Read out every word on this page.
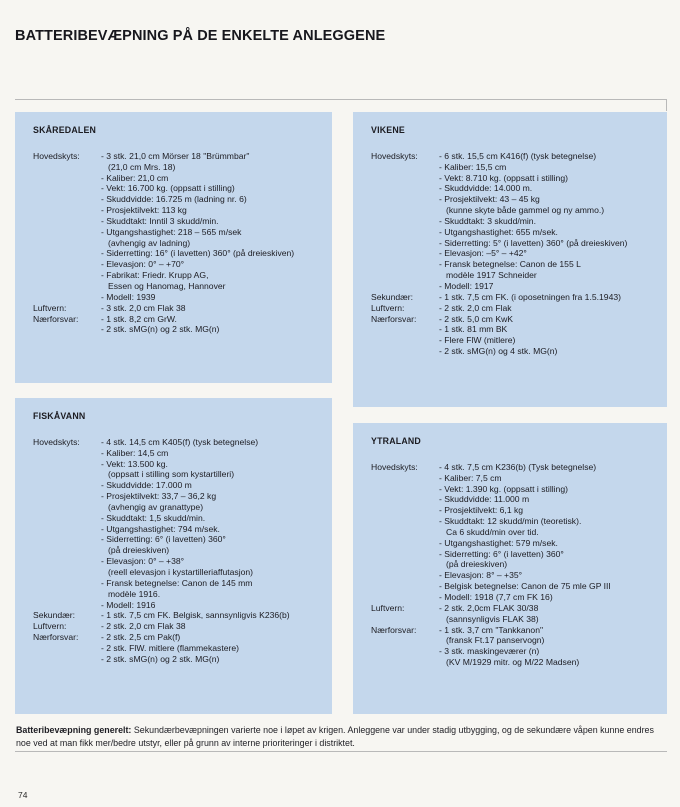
BATTERIBEVÆPNING PÅ DE ENKELTE ANLEGGENE
SKÅREDALEN
Hovedskyts:	- 3 stk. 21,0 cm Mörser 18 "Brümmbar"
(21,0 cm Mrs. 18)
- Kaliber: 21,0 cm
- Vekt: 16.700 kg. (oppsatt i stilling)
- Skuddvidde: 16.725 m (ladning nr. 6)
- Prosjektilvekt: 113 kg
- Skuddtakt: Inntil 3 skudd/min.
- Utgangshastighet: 218 – 565 m/sek
(avhengig av ladning)
- Siderretting: 16° (i lavetten) 360° (på dreieskiven)
- Elevasjon: 0° – +70°
- Fabrikat: Friedr. Krupp AG,
Essen og Hanomag, Hannover
- Modell: 1939
Luftvern:	- 3 stk. 2,0 cm Flak 38
Nærforsvar:	- 1 stk. 8,2 cm GrW.
- 2 stk. sMG(n) og 2 stk. MG(n)
VIKENE
Hovedskyts:	- 6 stk. 15,5 cm K416(f) (tysk betegnelse)
- Kaliber: 15,5 cm
- Vekt: 8.710 kg. (oppsatt i stilling)
- Skuddvidde: 14.000 m.
- Prosjektilvekt: 43 – 45 kg
(kunne skyte både gammel og ny ammo.)
- Skuddtakt: 3 skudd/min.
- Utgangshastighet: 655 m/sek.
- Siderretting: 5° (i lavetten) 360° (på dreieskiven)
- Elevasjon: –5° – +42°
- Fransk betegnelse: Canon de 155 L
modèle 1917 Schneider
- Modell: 1917
Sekundær:	- 1 stk. 7,5 cm FK. (i oposetningen fra 1.5.1943)
Luftvern:	- 2 stk. 2,0 cm Flak
Nærforsvar:	- 2 stk. 5,0 cm KwK
- 1 stk. 81 mm BK
- Flere FlW (mitlere)
- 2 stk. sMG(n) og 4 stk. MG(n)
FISKÅVANN
Hovedskyts:	- 4 stk. 14,5 cm K405(f) (tysk betegnelse)
- Kaliber: 14,5 cm
- Vekt: 13.500 kg.
(oppsatt i stilling som kystartilleri)
- Skuddvidde: 17.000 m
- Prosjektilvekt: 33,7 – 36,2 kg
(avhengig av granattype)
- Skuddtakt: 1,5 skudd/min.
- Utgangshastighet: 794 m/sek.
- Siderretting: 6° (i lavetten) 360°
(på dreieskiven)
- Elevasjon: 0° – +38°
(reell elevasjon i kystartilleriaffutasjon)
- Fransk betegnelse: Canon de 145 mm
modèle 1916.
- Modell: 1916
Sekundær:	- 1 stk. 7,5 cm FK. Belgisk, sannsynligvis K236(b)
Luftvern:	- 2 stk. 2,0 cm Flak 38
Nærforsvar:	- 2 stk. 2,5 cm Pak(f)
- 2 stk. FlW. mitlere (flammekastere)
- 2 stk. sMG(n) og 2 stk. MG(n)
YTRALAND
Hovedskyts:	- 4 stk. 7,5 cm K236(b) (Tysk betegnelse)
- Kaliber: 7,5 cm
- Vekt: 1.390 kg. (oppsatt i stilling)
- Skuddvidde: 11.000 m
- Prosjektilvekt: 6,1 kg
- Skuddtakt: 12 skudd/min (teoretisk).
Ca 6 skudd/min over tid.
- Utgangshastighet: 579 m/sek.
- Siderretting: 6° (i lavetten) 360°
(på dreieskiven)
- Elevasjon: 8° – +35°
- Belgisk betegnelse: Canon de 75 mle GP III
- Modell: 1918 (7,7 cm FK 16)
Luftvern:	- 2 stk. 2,0cm FLAK 30/38
(sannsynligvis FLAK 38)
Nærforsvar:	- 1 stk. 3,7 cm "Tankkanon"
(fransk Ft.17 panservogn)
- 3 stk. maskingeværer (n)
(KV M/1929 mitr. og M/22 Madsen)
Batteribevæpning generelt: Sekundærbevæpningen varierte noe i løpet av krigen. Anleggene var under stadig utbygging, og de sekundære våpen kunne endres noe ved at man fikk mer/bedre utstyr, eller på grunn av interne prioriteringer i distriktet.
74
